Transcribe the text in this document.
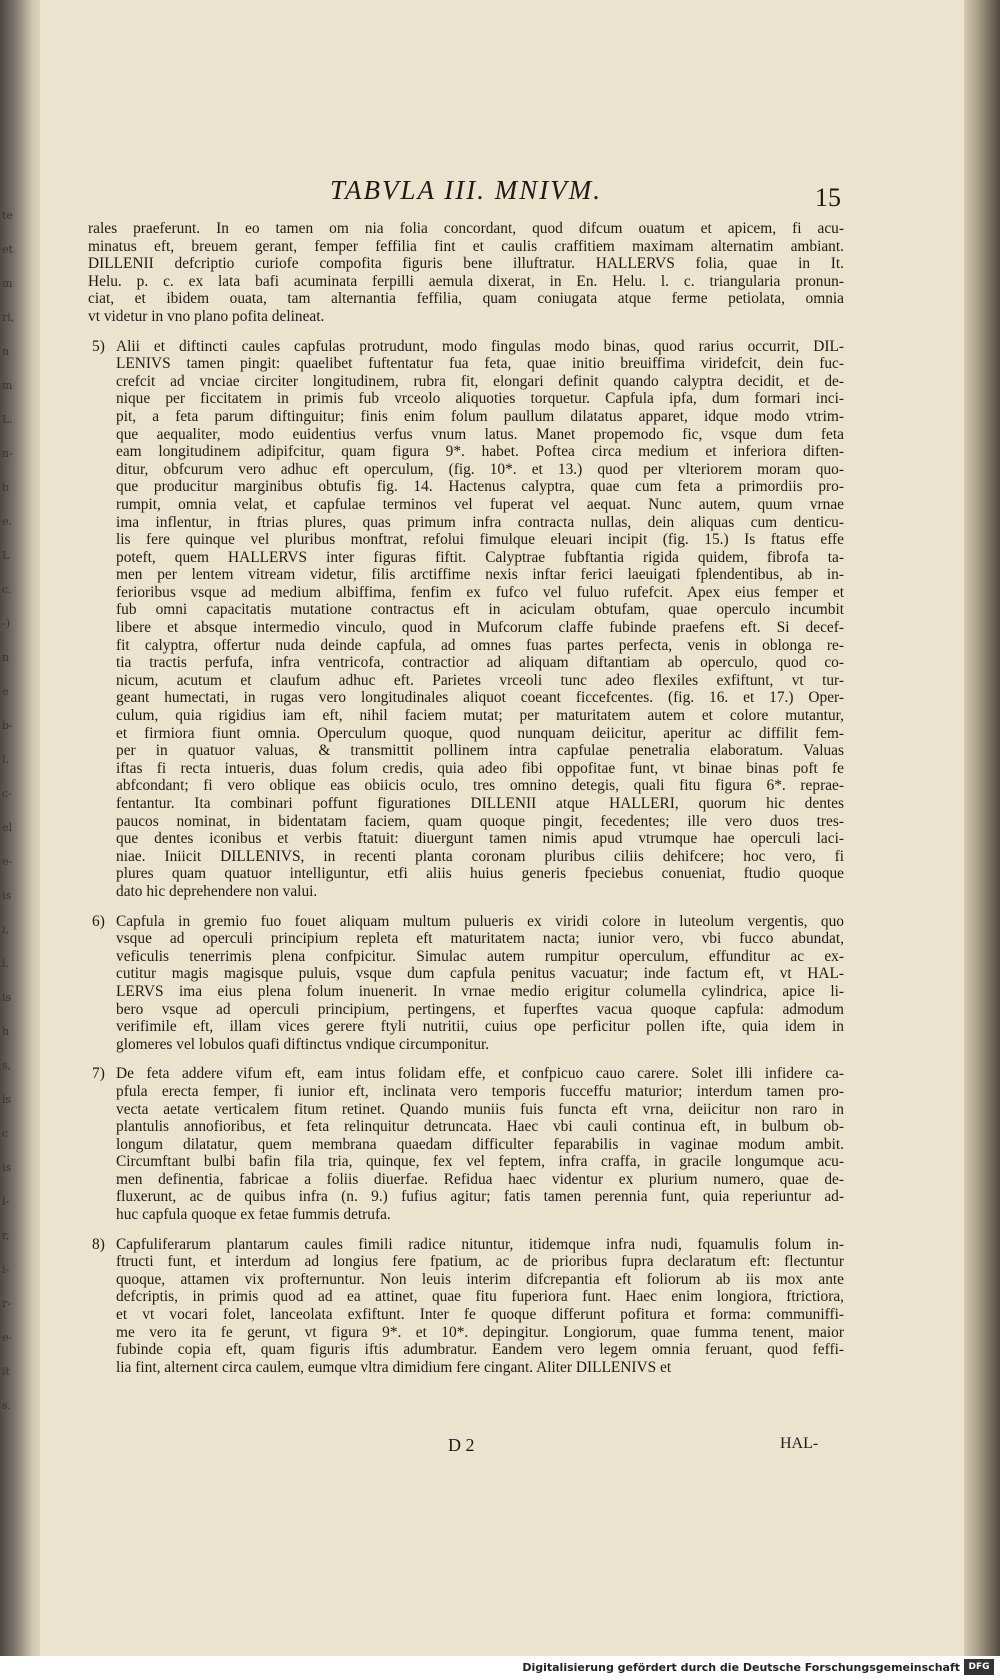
te
et
m
ri,
n
m
L.
n-
b
e.
L
c.
-)
n
e
b-
l.
c-
el
e-
is
i,
i.
is
h
s,
is
c
is
l-
r,
i-
r-
e-
it
s.
TABVLA III. MNIVM.	15
rales praeferunt. In eo tamen om nia folia concordant, quod difcum ouatum et apicem, fi acu-
minatus eft, breuem gerant, femper feffilia fint et caulis craffitiem maximam alternatim ambiant.
DILLENII defcriptio curiofe compofita figuris bene illuftratur. HALLERVS folia, quae in It.
Helu. p. c. ex lata bafi acuminata ferpilli aemula dixerat, in En. Helu. l. c. triangularia pronun-
ciat, et ibidem ouata, tam alternantia feffilia, quam coniugata atque ferme petiolata, omnia
vt videtur in vno plano pofita delineat.
5) Alii et diftincti caules capfulas protrudunt, modo fingulas modo binas, quod rarius occurrit, DIL-
LENIVS tamen pingit: quaelibet fuftentatur fua feta, quae initio breuiffima viridefcit, dein fuc-
crefcit ad vnciae circiter longitudinem, rubra fit, elongari definit quando calyptra decidit, et de-
nique per ficcitatem in primis fub vrceolo aliquoties torquetur. Capfula ipfa, dum formari inci-
pit, a feta parum diftinguitur; finis enim folum paullum dilatatus apparet, idque modo vtrim-
que aequaliter, modo euidentius verfus vnum latus. Manet propemodo fic, vsque dum feta
eam longitudinem adipifcitur, quam figura 9*. habet. Poftea circa medium et inferiora diften-
ditur, obfcurum vero adhuc eft operculum, (fig. 10*. et 13.) quod per vlteriorem moram quo-
que producitur marginibus obtufis fig. 14. Hactenus calyptra, quae cum feta a primordiis pro-
rumpit, omnia velat, et capfulae terminos vel fuperat vel aequat. Nunc autem, quum vrnae
ima inflentur, in ftrias plures, quas primum infra contracta nullas, dein aliquas cum denticu-
lis fere quinque vel pluribus monftrat, refolui fimulque eleuari incipit (fig. 15.) Is ftatus effe
poteft, quem HALLERVS inter figuras fiftit. Calyptrae fubftantia rigida quidem, fibrofa ta-
men per lentem vitream videtur, filis arctiffime nexis inftar ferici laeuigati fplendentibus, ab in-
ferioribus vsque ad medium albiffima, fenfim ex fufco vel fuluo rufefcit. Apex eius femper et
fub omni capacitatis mutatione contractus eft in aciculam obtufam, quae operculo incumbit
libere et absque intermedio vinculo, quod in Mufcorum claffe fubinde praefens eft. Si decef-
fit calyptra, offertur nuda deinde capfula, ad omnes fuas partes perfecta, venis in oblonga re-
tia tractis perfufa, infra ventricofa, contractior ad aliquam diftantiam ab operculo, quod co-
nicum, acutum et claufum adhuc eft. Parietes vrceoli tunc adeo flexiles exfiftunt, vt tur-
geant humectati, in rugas vero longitudinales aliquot coeant ficcefcentes. (fig. 16. et 17.) Oper-
culum, quia rigidius iam eft, nihil faciem mutat; per maturitatem autem et colore mutantur,
et firmiora fiunt omnia. Operculum quoque, quod nunquam deiicitur, aperitur ac diffilit fem-
per in quatuor valuas, & transmittit pollinem intra capfulae penetralia elaboratum. Valuas
iftas fi recta intueris, duas folum credis, quia adeo fibi oppofitae funt, vt binae binas poft fe
abfcondant; fi vero oblique eas obiicis oculo, tres omnino detegis, quali fitu figura 6*. reprae-
fentantur. Ita combinari poffunt figurationes DILLENII atque HALLERI, quorum hic dentes
paucos nominat, in bidentatam faciem, quam quoque pingit, fecedentes; ille vero duos tres-
que dentes iconibus et verbis ftatuit: diuergunt tamen nimis apud vtrumque hae operculi laci-
niae. Iniicit DILLENIVS, in recenti planta coronam pluribus ciliis dehifcere; hoc vero, fi
plures quam quatuor intelliguntur, etfi aliis huius generis fpeciebus conueniat, ftudio quoque
dato hic deprehendere non valui.
6) Capfula in gremio fuo fouet aliquam multum pulueris ex viridi colore in luteolum vergentis, quo
vsque ad operculi principium repleta eft maturitatem nacta; iunior vero, vbi fucco abundat,
veficulis tenerrimis plena confpicitur. Simulac autem rumpitur operculum, effunditur ac ex-
cutitur magis magisque puluis, vsque dum capfula penitus vacuatur; inde factum eft, vt HAL-
LERVS ima eius plena folum inuenerit. In vrnae medio erigitur columella cylindrica, apice li-
bero vsque ad operculi principium, pertingens, et fuperftes vacua quoque capfula: admodum
verifimile eft, illam vices gerere ftyli nutritii, cuius ope perficitur pollen ifte, quia idem in
glomeres vel lobulos quafi diftinctus vndique circumponitur.
7) De feta addere vifum eft, eam intus folidam effe, et confpicuo cauo carere. Solet illi infidere ca-
pfula erecta femper, fi iunior eft, inclinata vero temporis fucceffu maturior; interdum tamen pro-
vecta aetate verticalem fitum retinet. Quando muniis fuis functa eft vrna, deiicitur non raro in
plantulis annofioribus, et feta relinquitur detruncata. Haec vbi cauli continua eft, in bulbum ob-
longum dilatatur, quem membrana quaedam difficulter feparabilis in vaginae modum ambit.
Circumftant bulbi bafin fila tria, quinque, fex vel feptem, infra craffa, in gracile longumque acu-
men definentia, fabricae a foliis diuerfae. Refidua haec videntur ex plurium numero, quae de-
fluxerunt, ac de quibus infra (n. 9.) fufius agitur; fatis tamen perennia funt, quia reperiuntur ad-
huc capfula quoque ex fetae fummis detrufa.
8) Capfuliferarum plantarum caules fimili radice nituntur, itidemque infra nudi, fquamulis folum in-
ftructi funt, et interdum ad longius fere fpatium, ac de prioribus fupra declaratum eft: flectuntur
quoque, attamen vix profternuntur. Non leuis interim difcrepantia eft foliorum ab iis mox ante
defcriptis, in primis quod ad ea attinet, quae fitu fuperiora funt. Haec enim longiora, ftrictiora,
et vt vocari folet, lanceolata exfiftunt. Inter fe quoque differunt pofitura et forma: communiffi-
me vero ita fe gerunt, vt figura 9*. et 10*. depingitur. Longiorum, quae fumma tenent, maior
fubinde copia eft, quam figuris iftis adumbratur. Eandem vero legem omnia feruant, quod feffi-
lia fint, alternent circa caulem, eumque vltra dimidium fere cingant. Aliter DILLENIVS et
D 2	HAL-
Digitalisierung gefördert durch die Deutsche Forschungsgemeinschaft DFG
